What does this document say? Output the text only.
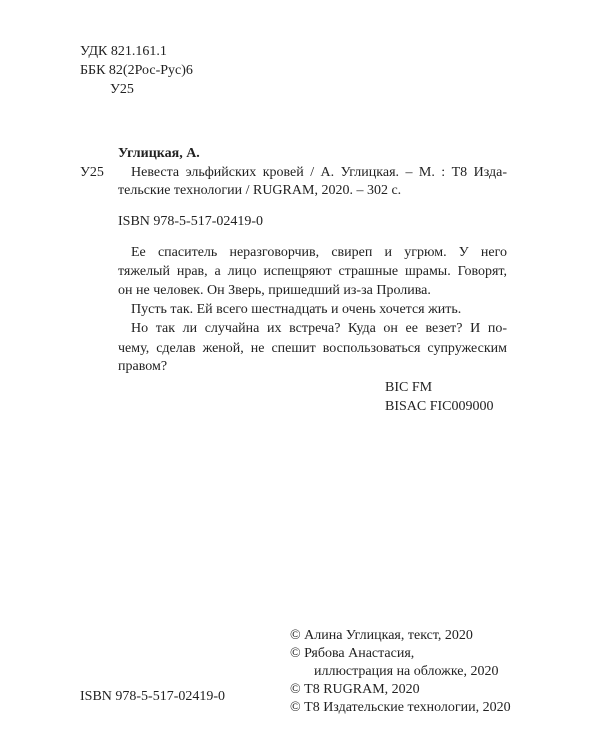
УДК 821.161.1
ББК 82(2Рос-Рус)6
У25
Углицкая, А.
У25 Невеста эльфийских кровей / А. Углицкая. – М. : Т8 Изда-
тельские технологии / RUGRAM, 2020. – 302 с.
ISBN 978-5-517-02419-0
Ее спаситель неразговорчив, свиреп и угрюм. У него
тяжелый нрав, а лицо испещряют страшные шрамы. Говорят,
он не человек. Он Зверь, пришедший из-за Пролива.
Пусть так. Ей всего шестнадцать и очень хочется жить.
Но так ли случайна их встреча? Куда он ее везет? И по-
чему, сделав женой, не спешит воспользоваться супружеским
правом?
BIC FM
BISAC FIC009000
© Алина Углицкая, текст, 2020
© Рябова Анастасия,
иллюстрация на обложке, 2020
© Т8 RUGRAM, 2020
ISBN 978-5-517-02419-0
© Т8 Издательские технологии, 2020
